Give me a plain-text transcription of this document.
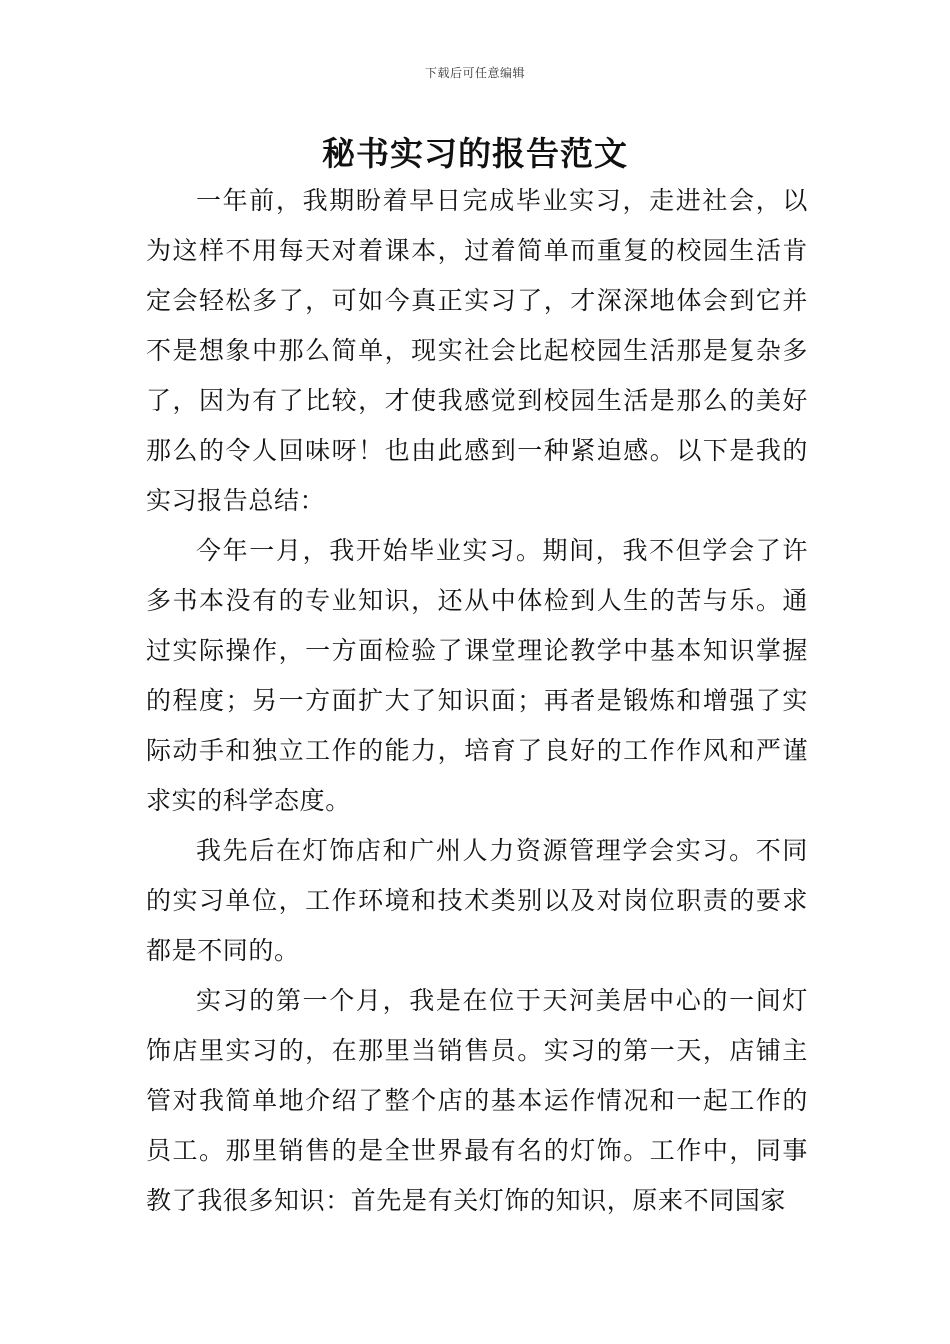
下载后可任意编辑
秘书实习的报告范文

一年前，我期盼着早日完成毕业实习，走进社会，以为这样不用每天对着课本，过着简单而重复的校园生活肯定会轻松多了，可如今真正实习了，才深深地体会到它并不是想象中那么简单，现实社会比起校园生活那是复杂多了，因为有了比较，才使我感觉到校园生活是那么的美好那么的令人回味呀！也由此感到一种紧迫感。以下是我的实习报告总结：

今年一月，我开始毕业实习。期间，我不但学会了许多书本没有的专业知识，还从中体检到人生的苦与乐。通过实际操作，一方面检验了课堂理论教学中基本知识掌握的程度；另一方面扩大了知识面；再者是锻炼和增强了实际动手和独立工作的能力，培育了良好的工作作风和严谨求实的科学态度。

我先后在灯饰店和广州人力资源管理学会实习。不同的实习单位，工作环境和技术类别以及对岗位职责的要求都是不同的。

实习的第一个月，我是在位于天河美居中心的一间灯饰店里实习的，在那里当销售员。实习的第一天，店铺主管对我简单地介绍了整个店的基本运作情况和一起工作的员工。那里销售的是全世界最有名的灯饰。工作中，同事教了我很多知识：首先是有关灯饰的知识，原来不同国家
